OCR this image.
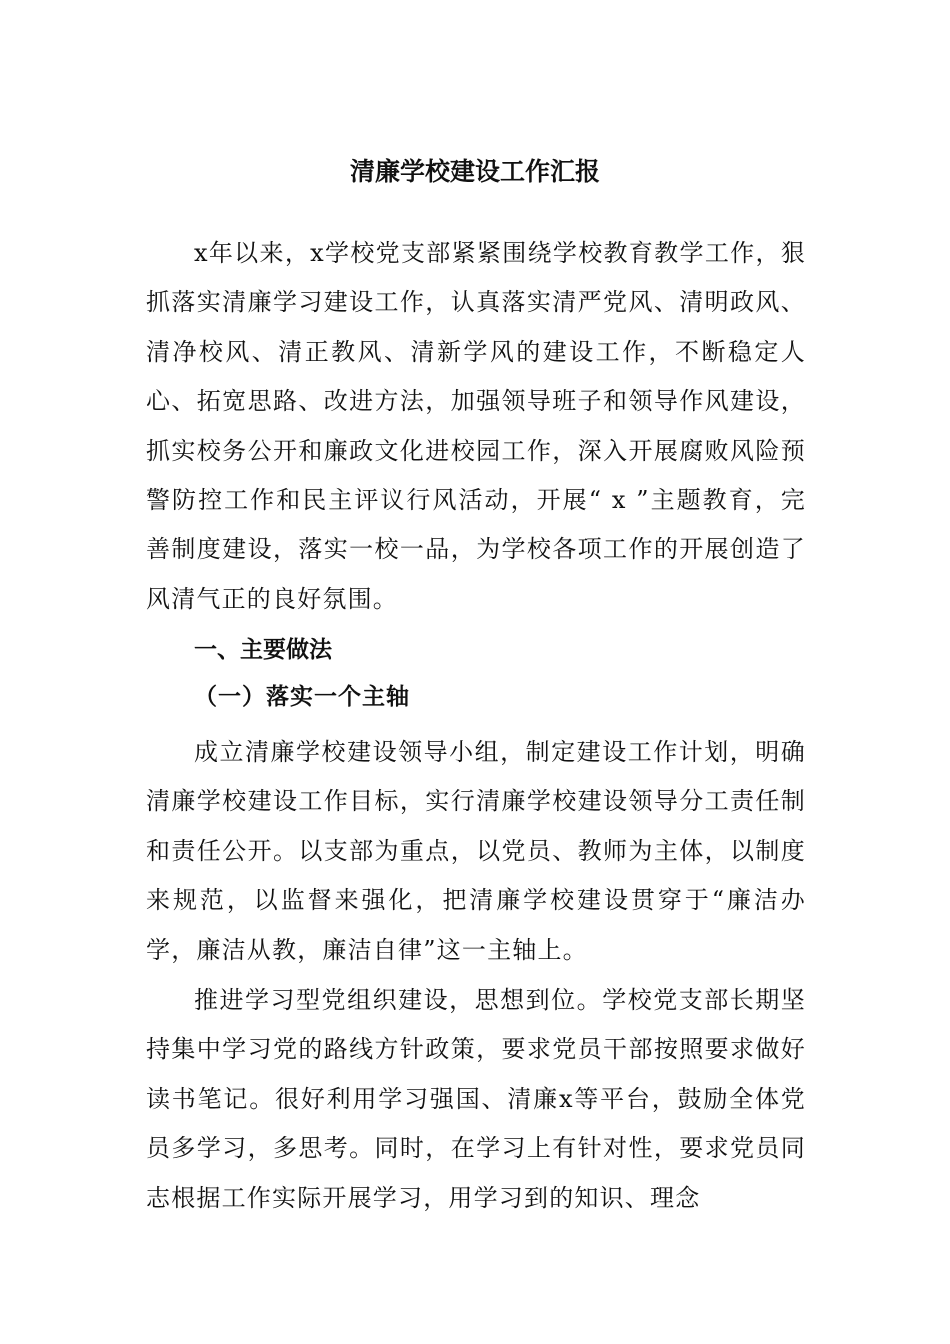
清廉学校建设工作汇报

x年以来，x学校党支部紧紧围绕学校教育教学工作，狠抓落实清廉学习建设工作，认真落实清严党风、清明政风、清净校风、清正教风、清新学风的建设工作，不断稳定人心、拓宽思路、改进方法，加强领导班子和领导作风建设，抓实校务公开和廉政文化进校园工作，深入开展腐败风险预警防控工作和民主评议行风活动，开展“ x ”主题教育，完善制度建设，落实一校一品，为学校各项工作的开展创造了风清气正的良好氛围。

一、主要做法
（一）落实一个主轴

成立清廉学校建设领导小组，制定建设工作计划，明确清廉学校建设工作目标，实行清廉学校建设领导分工责任制和责任公开。以支部为重点，以党员、教师为主体，以制度来规范，以监督来强化，把清廉学校建设贯穿于“廉洁办学，廉洁从教，廉洁自律”这一主轴上。

推进学习型党组织建设，思想到位。学校党支部长期坚持集中学习党的路线方针政策，要求党员干部按照要求做好读书笔记。很好利用学习强国、清廉x等平台，鼓励全体党员多学习，多思考。同时，在学习上有针对性，要求党员同志根据工作实际开展学习，用学习到的知识、理念
